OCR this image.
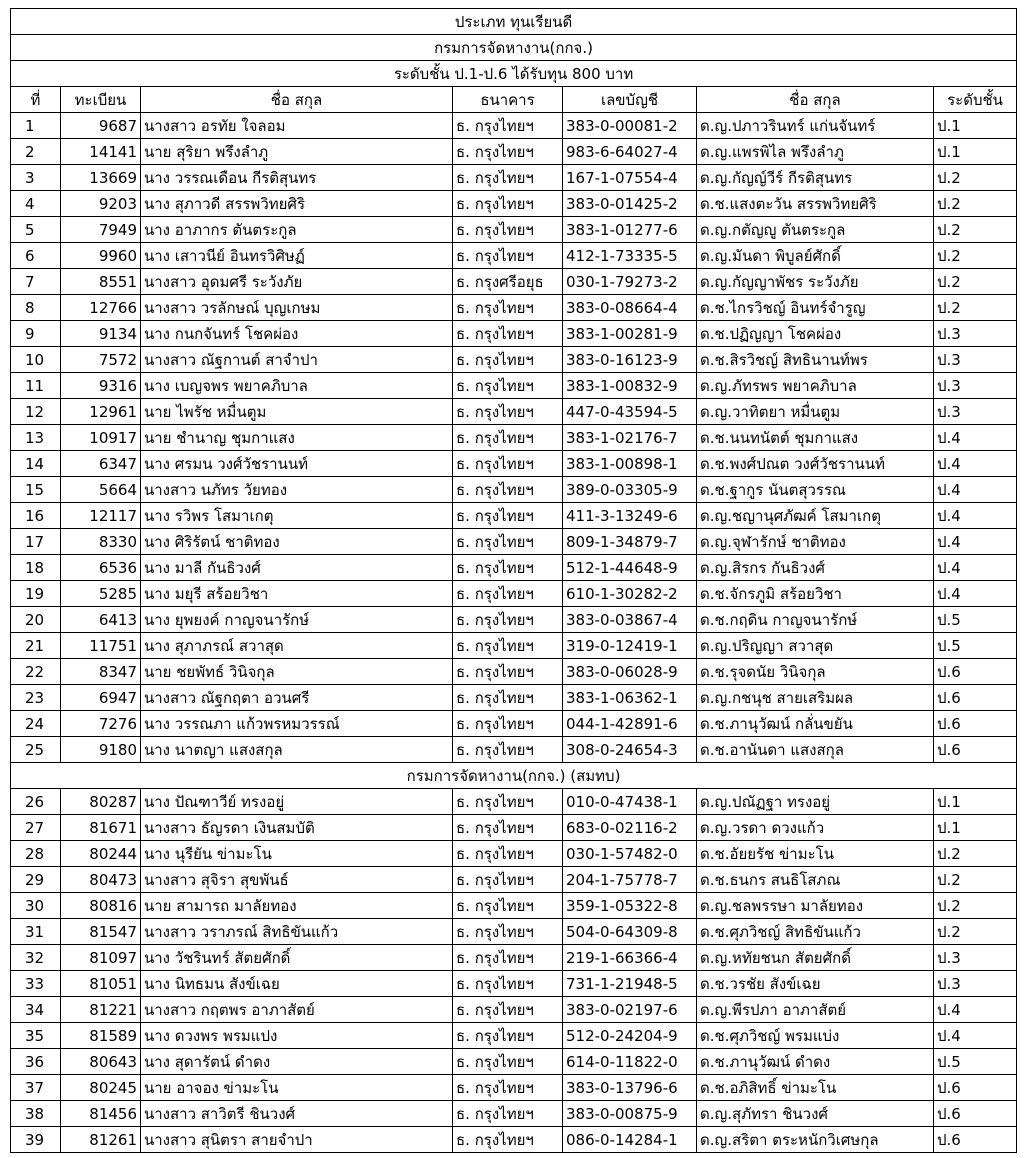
ประเภท ทุนเรียนดี						
กรมการจัดหางาน(กกจ.)						
ระดับชั้น ป.1-ป.6 ได้รับทุน 800 บาท						
ที่	ทะเบียน	ชื่อ สกุล	ธนาคาร	เลขบัญชี	ชื่อ สกุล	ระดับชั้น
1	9687	นางสาว อรทัย ใจลอม	ธ. กรุงไทยฯ	383-0-00081-2	ด.ญ.ปภาวรินทร์ แก่นจันทร์	ป.1
2	14141	นาย สุริยา พรึงลำภู	ธ. กรุงไทยฯ	983-6-64027-4	ด.ญ.แพรพิไล พรึงลำภู	ป.1
3	13669	นาง วรรณเดือน กีรติสุนทร	ธ. กรุงไทยฯ	167-1-07554-4	ด.ญ.กัญญ์วีร์ กีรติสุนทร	ป.2
4	9203	นาง สุภาวดี สรรพวิทยศิริ	ธ. กรุงไทยฯ	383-0-01425-2	ด.ช.แสงตะวัน สรรพวิทยศิริ	ป.2
5	7949	นาง อาภากร ตันตระกูล	ธ. กรุงไทยฯ	383-1-01277-6	ด.ญ.กตัญญู ตันตระกูล	ป.2
6	9960	นาง เสาวนีย์ อินทรวิศิษฏ์	ธ. กรุงไทยฯ	412-1-73335-5	ด.ญ.มันดา พิบูลย์ศักดิ์	ป.2
7	8551	นางสาว อุดมศรี ระวังภัย	ธ. กรุงศรีอยุธ	030-1-79273-2	ด.ญ.กัญญาพัชร ระวังภัย	ป.2
8	12766	นางสาว วรลักษณ์ บุญเกษม	ธ. กรุงไทยฯ	383-0-08664-4	ด.ช.ไกรวิชญ์ อินทร์จำรูญ	ป.2
9	9134	นาง กนกจันทร์ โชคผ่อง	ธ. กรุงไทยฯ	383-1-00281-9	ด.ช.ปฏิญญา โชคผ่อง	ป.3
10	7572	นางสาว ณัฐกานต์ สาจำปา	ธ. กรุงไทยฯ	383-0-16123-9	ด.ช.สิรวิชญ์ สิทธินานท์พร	ป.3
11	9316	นาง เบญจพร พยาคภิบาล	ธ. กรุงไทยฯ	383-1-00832-9	ด.ญ.ภัทรพร พยาคภิบาล	ป.3
12	12961	นาย ไพรัช หมื่นตูม	ธ. กรุงไทยฯ	447-0-43594-5	ด.ญ.วาทิตยา หมื่นตูม	ป.3
13	10917	นาย ชำนาญ ชุมกาแสง	ธ. กรุงไทยฯ	383-1-02176-7	ด.ช.นนทนัตต์ ชุมกาแสง	ป.4
14	6347	นาง ศรมน วงศ์วัชรานนท์	ธ. กรุงไทยฯ	383-1-00898-1	ด.ช.พงศ์ปณต วงศ์วัชรานนท์	ป.4
15	5664	นางสาว นภัทร วัยทอง	ธ. กรุงไทยฯ	389-0-03305-9	ด.ช.ฐากูร นันตสุวรรณ	ป.4
16	12117	นาง รวิพร โสมาเกตุ	ธ. กรุงไทยฯ	411-3-13249-6	ด.ญ.ชญานุศภัฒค์ โสมาเกตุ	ป.4
17	8330	นาง ศิริรัตน์ ชาติทอง	ธ. กรุงไทยฯ	809-1-34879-7	ด.ญ.จุฬารักษ์ ชาติทอง	ป.4
18	6536	นาง มาลี กันธิวงศ์	ธ. กรุงไทยฯ	512-1-44648-9	ด.ญ.สิรกร กันธิวงศ์	ป.4
19	5285	นาง มยุรี สร้อยวิชา	ธ. กรุงไทยฯ	610-1-30282-2	ด.ช.จักรภูมิ สร้อยวิชา	ป.4
20	6413	นาง ยุพยงค์ กาญจนารักษ์	ธ. กรุงไทยฯ	383-0-03867-4	ด.ช.กฤดิน กาญจนารักษ์	ป.5
21	11751	นาง สุภาภรณ์ สวาสุด	ธ. กรุงไทยฯ	319-0-12419-1	ด.ญ.ปริญญา สวาสุด	ป.5
22	8347	นาย ชยพัทธ์ วินิจกุล	ธ. กรุงไทยฯ	383-0-06028-9	ด.ช.รุจดนัย วินิจกุล	ป.6
23	6947	นางสาว ณัฐกฤตา อวนศรี	ธ. กรุงไทยฯ	383-1-06362-1	ด.ญ.กชนุช สายเสริมผล	ป.6
24	7276	นาง วรรณภา แก้วพรหมวรรณ์	ธ. กรุงไทยฯ	044-1-42891-6	ด.ช.ภานุวัฒน์ กลั่นขยัน	ป.6
25	9180	นาง นาตญา แสงสกุล	ธ. กรุงไทยฯ	308-0-24654-3	ด.ช.อานันดา แสงสกุล	ป.6
กรมการจัดหางาน(กกจ.) (สมทบ)						
26	80287	นาง ปัณฑาวีย์ ทรงอยู่	ธ. กรุงไทยฯ	010-0-47438-1	ด.ญ.ปณัฏฐา ทรงอยู่	ป.1
27	81671	นางสาว ธัญรดา เงินสมบัติ	ธ. กรุงไทยฯ	683-0-02116-2	ด.ญ.วรดา ดวงแก้ว	ป.1
28	80244	นาง นุรียัน ข่ามะโน	ธ. กรุงไทยฯ	030-1-57482-0	ด.ช.อัยยรัช ข่ามะโน	ป.2
29	80473	นางสาว สุจิรา สุขพันธ์	ธ. กรุงไทยฯ	204-1-75778-7	ด.ช.ธนกร สนธิโสภณ	ป.2
30	80816	นาย สามารถ มาลัยทอง	ธ. กรุงไทยฯ	359-1-05322-8	ด.ญ.ชลพรรษา มาลัยทอง	ป.2
31	81547	นางสาว วราภรณ์ สิทธิขันแก้ว	ธ. กรุงไทยฯ	504-0-64309-8	ด.ช.ศุภวิชญ์ สิทธิขันแก้ว	ป.2
32	81097	นาง วัชรินทร์ สัตยศักดิ์	ธ. กรุงไทยฯ	219-1-66366-4	ด.ญ.หทัยชนก สัตยศักดิ์	ป.3
33	81051	นาง นิทธมน สังข์เฉย	ธ. กรุงไทยฯ	731-1-21948-5	ด.ช.วรชัย สังข์เฉย	ป.3
34	81221	นางสาว กฤตพร อาภาสัตย์	ธ. กรุงไทยฯ	383-0-02197-6	ด.ญ.พีรปภา อาภาสัตย์	ป.4
35	81589	นาง ดวงพร พรมแปง	ธ. กรุงไทยฯ	512-0-24204-9	ด.ช.ศุภวิชญ์ พรมแบ่ง	ป.4
36	80643	นาง สุดารัตน์ ดำดง	ธ. กรุงไทยฯ	614-0-11822-0	ด.ช.ภานุวัฒน์ ดำดง	ป.5
37	80245	นาย อาจอง ข่ามะโน	ธ. กรุงไทยฯ	383-0-13796-6	ด.ช.อภิสิทธิ์ ข่ามะโน	ป.6
38	81456	นางสาว สาวิตรี ชินวงศ์	ธ. กรุงไทยฯ	383-0-00875-9	ด.ญ.สุภัทรา ชินวงศ์	ป.6
39	81261	นางสาว สุนิตรา สายจำปา	ธ. กรุงไทยฯ	086-0-14284-1	ด.ญ.สริตา ตระหนักวิเศษกุล	ป.6
